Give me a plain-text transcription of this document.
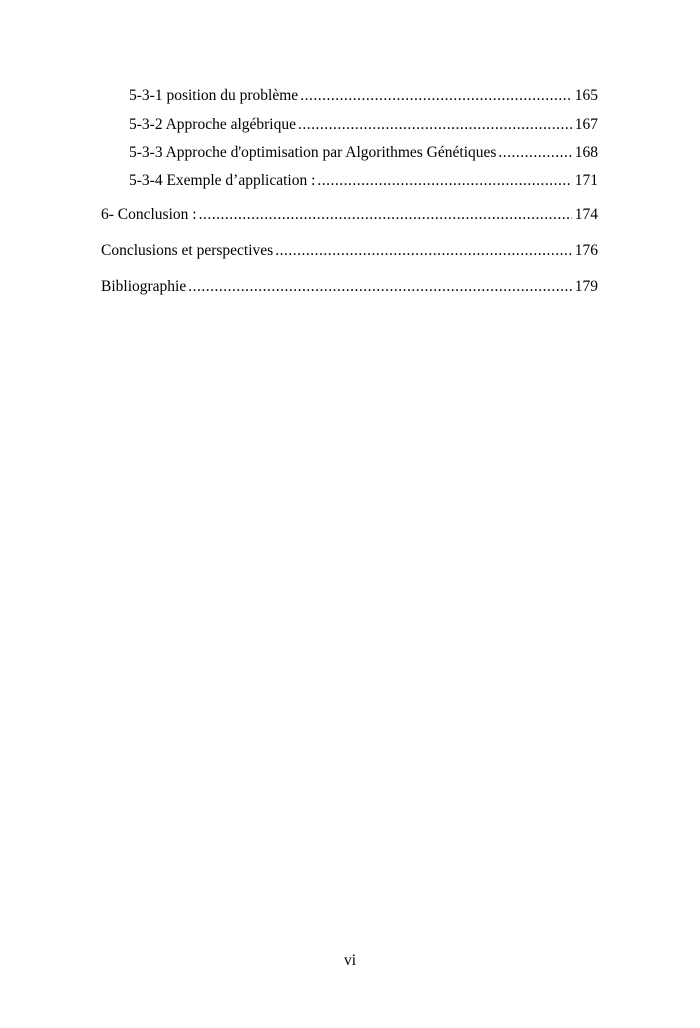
5-3-1 position du problème .....	165
5-3-2 Approche algébrique .....	167
5-3-3 Approche d'optimisation par Algorithmes Génétiques .....	168
5-3-4 Exemple d’application : .....	171
6- Conclusion : .....	174
Conclusions et perspectives .....	176
Bibliographie .....	179
vi
